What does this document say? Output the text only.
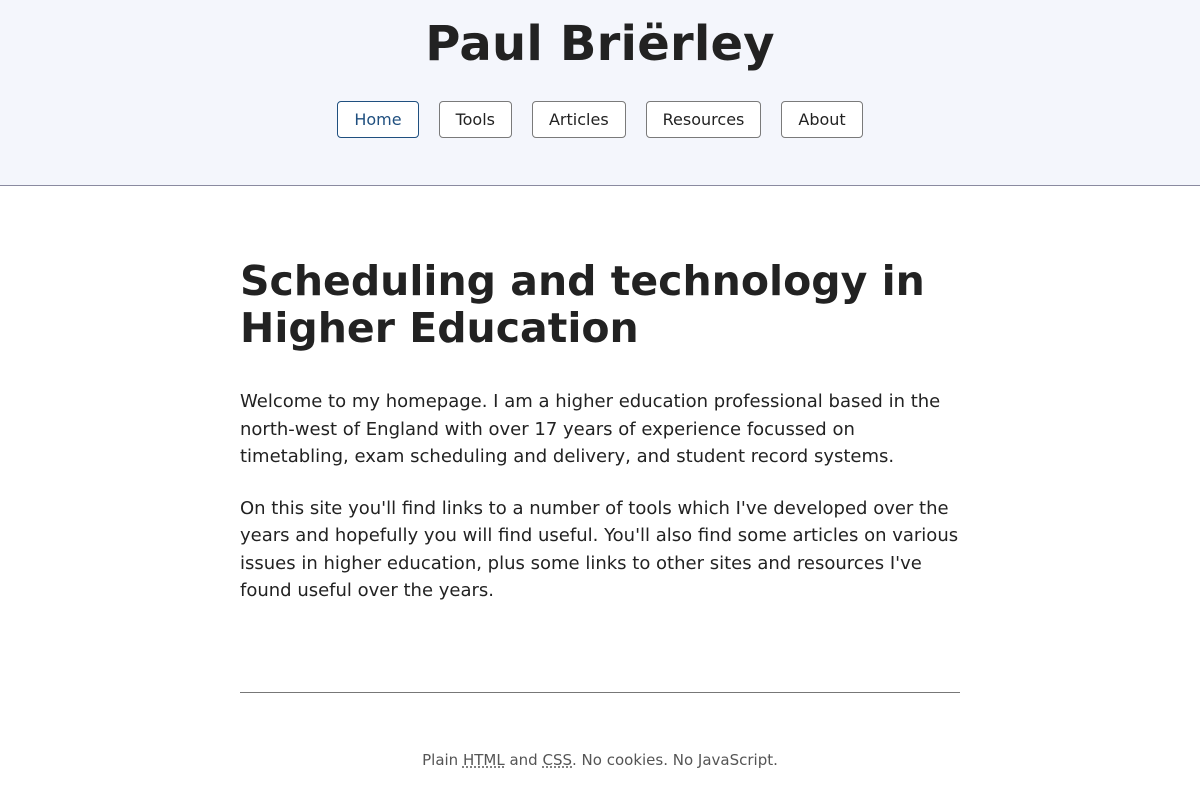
Paul Briërley
Home	Tools	Articles	Resources	About
Scheduling and technology in Higher Education

Welcome to my homepage. I am a higher education professional based in the north-west of England with over 17 years of experience focussed on timetabling, exam scheduling and delivery, and student record systems.

On this site you'll find links to a number of tools which I've developed over the years and hopefully you will find useful. You'll also find some articles on various issues in higher education, plus some links to other sites and resources I've found useful over the years.

Plain HTML and CSS. No cookies. No JavaScript.
